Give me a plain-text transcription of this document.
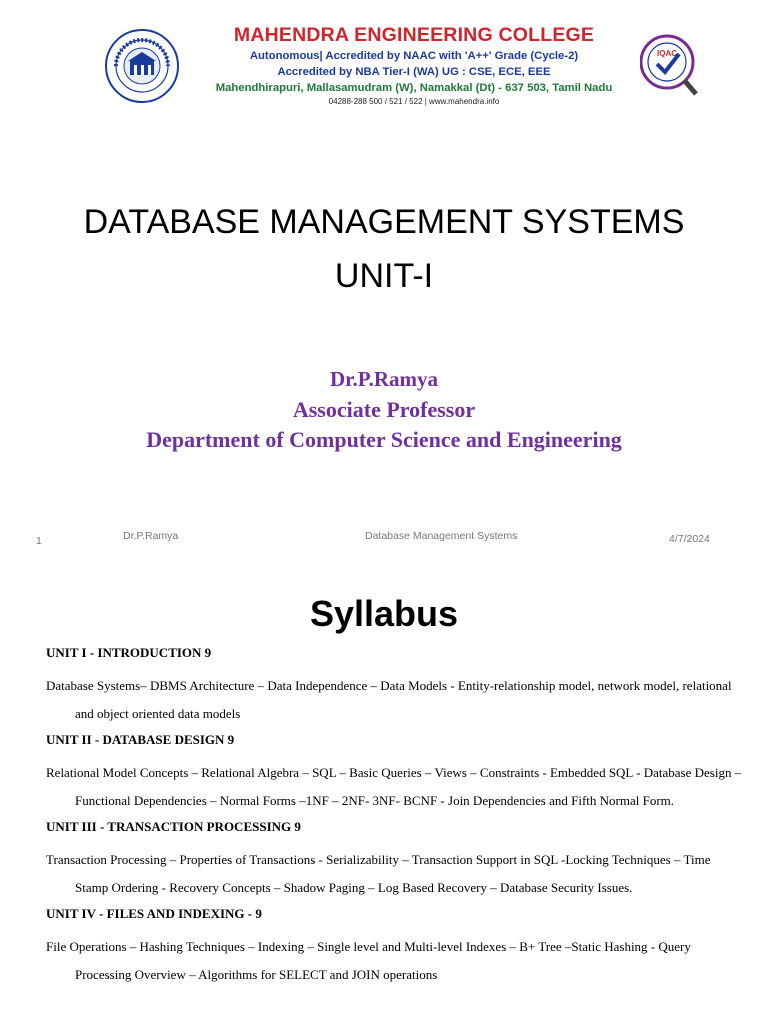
MAHENDRA ENGINEERING COLLEGE
Autonomous| Accredited by NAAC with 'A++' Grade (Cycle-2)
Accredited by NBA Tier-I (WA) UG : CSE, ECE, EEE
Mahendhirapuri, Mallasamudram (W), Namakkal (Dt) - 637 503, Tamil Nadu
04288-288 500 / 521 / 522 | www.mahendra.info
IQAC
DATABASE MANAGEMENT SYSTEMS
UNIT-I
Dr.P.Ramya
Associate Professor
Department of Computer Science and Engineering
1	Dr.P.Ramya	Database Management Systems	4/7/2024
Syllabus
UNIT I - INTRODUCTION 9
Database Systems– DBMS Architecture – Data Independence – Data Models - Entity-relationship model, network model, relational and object oriented data models
UNIT II - DATABASE DESIGN 9
Relational Model Concepts – Relational Algebra – SQL – Basic Queries – Views – Constraints - Embedded SQL - Database Design – Functional Dependencies – Normal Forms –1NF – 2NF- 3NF- BCNF - Join Dependencies and Fifth Normal Form.
UNIT III - TRANSACTION PROCESSING 9
Transaction Processing – Properties of Transactions - Serializability – Transaction Support in SQL -Locking Techniques – Time Stamp Ordering - Recovery Concepts – Shadow Paging – Log Based Recovery – Database Security Issues.
UNIT IV - FILES AND INDEXING - 9
File Operations – Hashing Techniques – Indexing – Single level and Multi-level Indexes – B+ Tree –Static Hashing - Query Processing Overview – Algorithms for SELECT and JOIN operations
